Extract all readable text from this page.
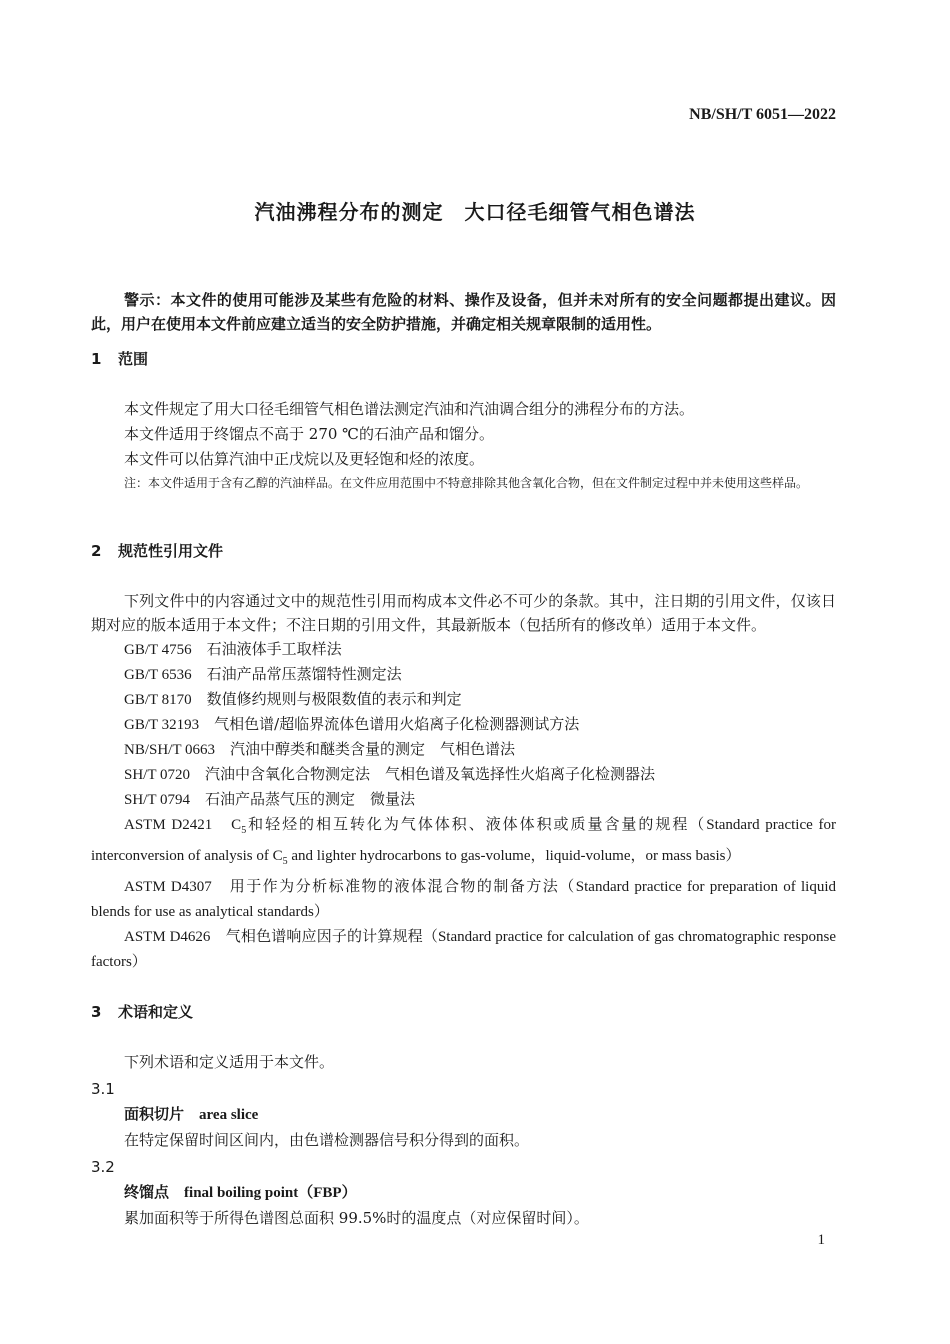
NB/SH/T 6051—2022
汽油沸程分布的测定　大口径毛细管气相色谱法

警示：本文件的使用可能涉及某些有危险的材料、操作及设备，但并未对所有的安全问题都提出建议。因此，用户在使用本文件前应建立适当的安全防护措施，并确定相关规章限制的适用性。

1 范围

本文件规定了用大口径毛细管气相色谱法测定汽油和汽油调合组分的沸程分布的方法。

本文件适用于终馏点不高于 270 ℃的石油产品和馏分。

本文件可以估算汽油中正戊烷以及更轻饱和烃的浓度。

注：本文件适用于含有乙醇的汽油样品。在文件应用范围中不特意排除其他含氧化合物，但在文件制定过程中并未使用这些样品。

2 规范性引用文件

下列文件中的内容通过文中的规范性引用而构成本文件必不可少的条款。其中，注日期的引用文件，仅该日期对应的版本适用于本文件；不注日期的引用文件，其最新版本（包括所有的修改单）适用于本文件。

GB/T 4756　 石油液体手工取样法

GB/T 6536　 石油产品常压蒸馏特性测定法

GB/T 8170　 数值修约规则与极限数值的表示和判定

GB/T 32193　 气相色谱/超临界流体色谱用火焰离子化检测器测试方法

NB/SH/T 0663　 汽油中醇类和醚类含量的测定　气相色谱法

SH/T 0720　 汽油中含氧化合物测定法　气相色谱及氧选择性火焰离子化检测器法

SH/T 0794　 石油产品蒸气压的测定　微量法

ASTM D2421　 $C_5$和轻烃的相互转化为气体体积、液体体积或质量含量的规程（Standard practice for interconversion of analysis of $C_5$ and lighter hydrocarbons to gas-volume，liquid-volume，or mass basis）

ASTM D4307　 用于作为分析标准物的液体混合物的制备方法（Standard practice for preparation of liquid blends for use as analytical standards）

ASTM D4626　 气相色谱响应因子的计算规程（Standard practice for calculation of gas chromatographic response factors）

3 术语和定义

下列术语和定义适用于本文件。

3.1

面积切片　 area slice

在特定保留时间区间内，由色谱检测器信号积分得到的面积。

3.2

终馏点　 final boiling point（FBP）

累加面积等于所得色谱图总面积 99.5%时的温度点（对应保留时间）。

1
